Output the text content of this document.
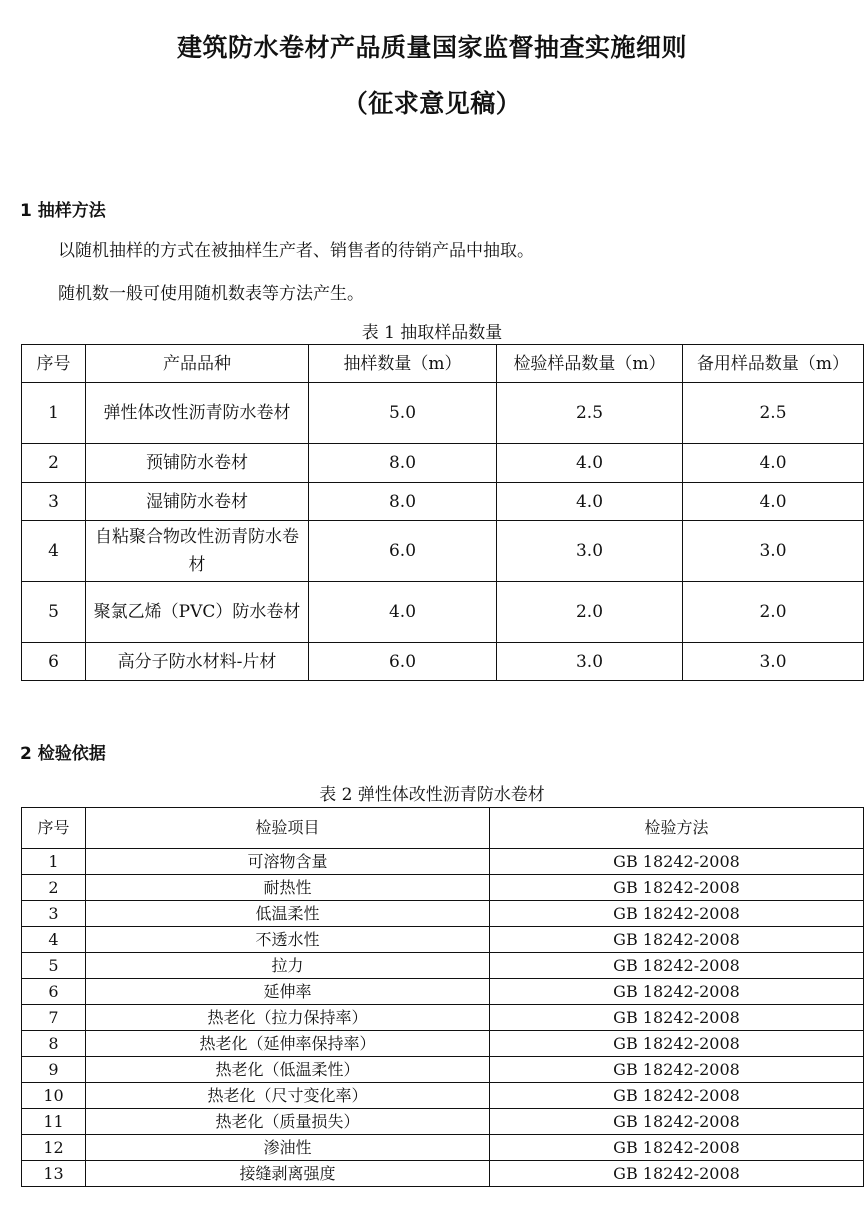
建筑防水卷材产品质量国家监督抽查实施细则
（征求意见稿）
1 抽样方法
以随机抽样的方式在被抽样生产者、销售者的待销产品中抽取。
随机数一般可使用随机数表等方法产生。
表 1 抽取样品数量
序号	产品品种	抽样数量（m）	检验样品数量（m）	备用样品数量（m）
1	弹性体改性沥青防水卷材	5.0	2.5	2.5
2	预铺防水卷材	8.0	4.0	4.0
3	湿铺防水卷材	8.0	4.0	4.0
4	自粘聚合物改性沥青防水卷材	6.0	3.0	3.0
5	聚氯乙烯（PVC）防水卷材	4.0	2.0	2.0
6	高分子防水材料-片材	6.0	3.0	3.0
2 检验依据
表 2 弹性体改性沥青防水卷材
序号	检验项目	检验方法
1	可溶物含量	GB 18242-2008
2	耐热性	GB 18242-2008
3	低温柔性	GB 18242-2008
4	不透水性	GB 18242-2008
5	拉力	GB 18242-2008
6	延伸率	GB 18242-2008
7	热老化（拉力保持率）	GB 18242-2008
8	热老化（延伸率保持率）	GB 18242-2008
9	热老化（低温柔性）	GB 18242-2008
10	热老化（尺寸变化率）	GB 18242-2008
11	热老化（质量损失）	GB 18242-2008
12	渗油性	GB 18242-2008
13	接缝剥离强度	GB 18242-2008
